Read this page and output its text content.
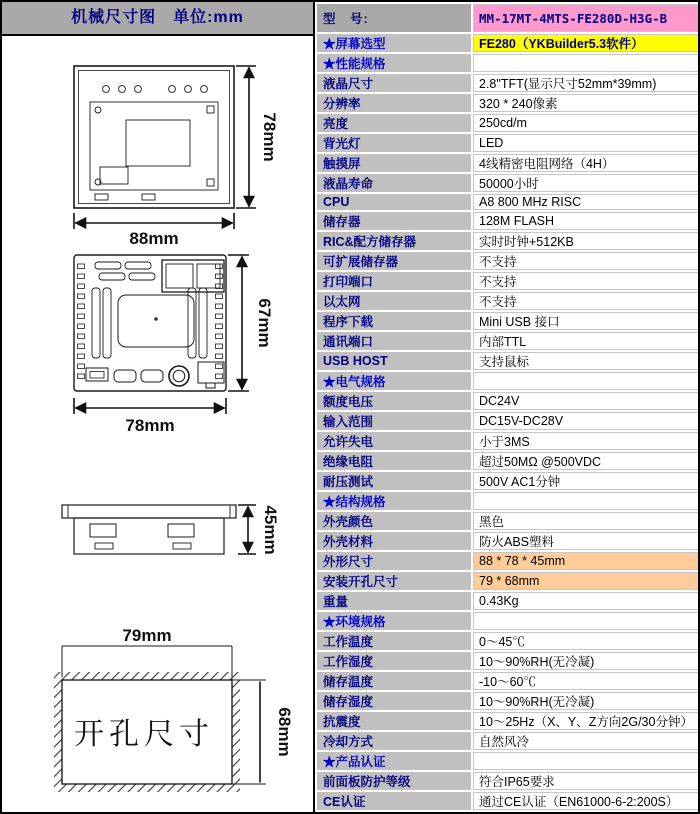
机械尺寸图　单位:mm
78mm
88mm
67mm
78mm
45mm
79mm
开孔尺寸	68mm
型　号:	MM-17MT-4MTS-FE280D-H3G-B
★屏幕选型	FE280（YKBuilder5.3软件）
★性能规格	
液晶尺寸	2.8"TFT(显示尺寸52mm*39mm)
分辨率	320 * 240像素
亮度	250cd/m
背光灯	LED
触摸屏	4线精密电阻网络（4H）
液晶寿命	50000小时
CPU	A8 800 MHz RISC
储存器	128M FLASH
RIC&配方储存器	实时时钟+512KB
可扩展储存器	不支持
打印端口	不支持
以太网	不支持
程序下载	Mini USB 接口
通讯端口	内部TTL
USB HOST	支持鼠标
★电气规格	
额度电压	DC24V
输入范围	DC15V-DC28V
允许失电	小于3MS
绝缘电阻	超过50MΩ @500VDC
耐压测试	500V AC1分钟
★结构规格	
外壳颜色	黑色
外壳材料	防火ABS塑料
外形尺寸	88 * 78 * 45mm
安装开孔尺寸	79 * 68mm
重量	0.43Kg
★环境规格	
工作温度	0～45℃
工作湿度	10～90%RH(无冷凝)
储存温度	-10～60℃
储存湿度	10～90%RH(无冷凝)
抗震度	10～25Hz（X、Y、Z方向2G/30分钟）
冷却方式	自然风冷
★产品认证	
前面板防护等级	符合IP65要求
CE认证	通过CE认证（EN61000-6-2:200S）
